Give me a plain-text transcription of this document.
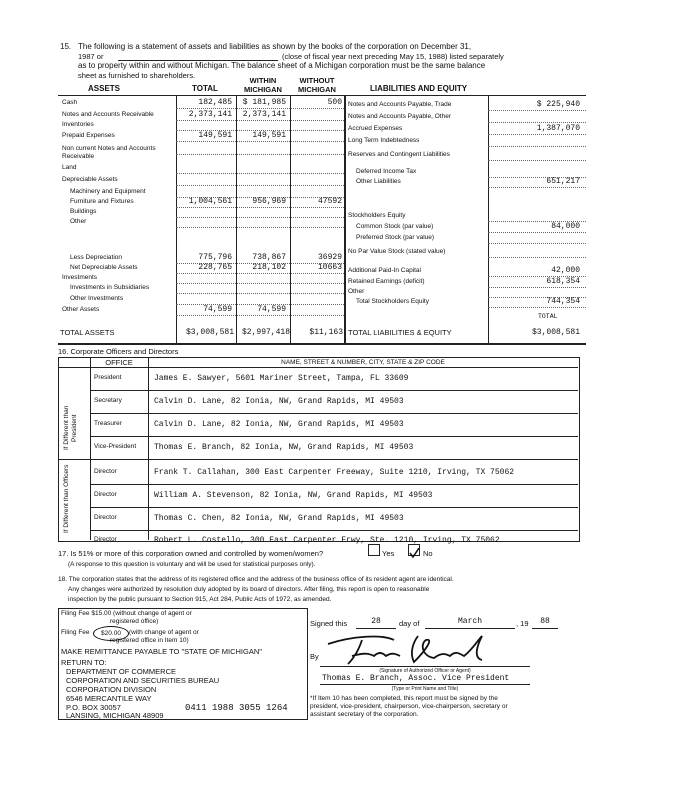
15. The following is a statement of assets and liabilities as shown by the books of the corporation on December 31,
1987 or	(close of fiscal year next preceding May 15, 1988) listed separately
as to property within and without Michigan. The balance sheet of a Michigan corporation must be the same balance
sheet as furnished to shareholders.
ASSETS	TOTAL
WITHIN MICHIGAN
WITHOUT MICHIGAN	LIABILITIES AND EQUITY
Cash	182,485	$ 181,985	500
Notes and Accounts Receivable	2,373,141	2,373,141
Inventories
Prepaid Expenses	149,591	149,591
Non current Notes and Accounts Receivable
Land
Depreciable Assets
Machinery and Equipment
Furniture and Fixtures	1,004,561	956,969	47592
Buildings
Other
Less Depreciation	775,796	738,867	36929
Net Depreciable Assets	228,765	218,102	10663
Investments
Investments in Subsidiaries
Other Investments
Other Assets	74,599	74,599
TOTAL ASSETS	$3,008,581 $2,997,418	$11,163
Notes and Accounts Payable, Trade	$ 225,940
Notes and Accounts Payable, Other
Accrued Expenses	1,387,070
Long Term Indebtedness
Reserves and Contingent Liabilities
Deferred Income Tax
Other Liabilities	651,217
Stockholders Equity
Common Stock (par value)	84,000
Preferred Stock (par value)
No Par Value Stock (stated value)
Additional Paid-In Capital	42,000
Retained Earnings (deficit)	618,354
Other
Total Stockholders Equity	744,354
TOTAL
TOTAL LIABILITIES & EQUITY	$3,008,581
16. Corporate Officers and Directors
OFFICE	NAME, STREET & NUMBER, CITY, STATE & ZIP CODE
If Different than President
If Different than Officers
President	James E. Sawyer, 5601 Mariner Street, Tampa, FL 33609
Secretary	Calvin D. Lane, 82 Ionia, NW, Grand Rapids, MI 49503
Treasurer	Calvin D. Lane, 82 Ionia, NW, Grand Rapids, MI 49503
Vice-President	Thomas E. Branch, 82 Ionia, NW, Grand Rapids, MI 49503
Director	Frank T. Callahan, 300 East Carpenter Freeway, Suite 1210, Irving, TX 75062
Director	William A. Stevenson, 82 Ionia, NW, Grand Rapids, MI 49503
Director	Thomas C. Chen, 82 Ionia, NW, Grand Rapids, MI 49503
Director	Robert L. Costello, 300 East Carpenter Frwy, Ste. 1210, Irving, TX 75062
17. Is 51% or more of this corporation owned and controlled by women/women?	Yes	No
(A response to this question is voluntary and will be used for statistical purposes only).
18. The corporation states that the address of its registered office and the address of the business office of its resident agent are identical.
Any changes were authorized by resolution duly adopted by its board of directors. After filing, this report is open to reasonable
inspection by the public pursuant to Section 915, Act 284, Public Acts of 1972, as amended.
Filing Fee $15.00 (without change of agent or
registered office)
Filing Fee	$20.00	(with change of agent or
registered office in Item 10)
MAKE REMITTANCE PAYABLE TO "STATE OF MICHIGAN"
RETURN TO:
DEPARTMENT OF COMMERCE
CORPORATION AND SECURITIES BUREAU
CORPORATION DIVISION
6546 MERCANTILE WAY
P.O. BOX 30057
LANSING, MICHIGAN 48909
0411 1988 3055 1264
Signed this	28	day of	March	, 19	88
By
(Signature of Authorized Officer or Agent)
Thomas E. Branch, Assoc. Vice President
(Type or Print Name and Title)
*If Item 10 has been completed, this report must be signed by the
president, vice-president, chairperson, vice-chairperson, secretary or
assistant secretary of the corporation.
